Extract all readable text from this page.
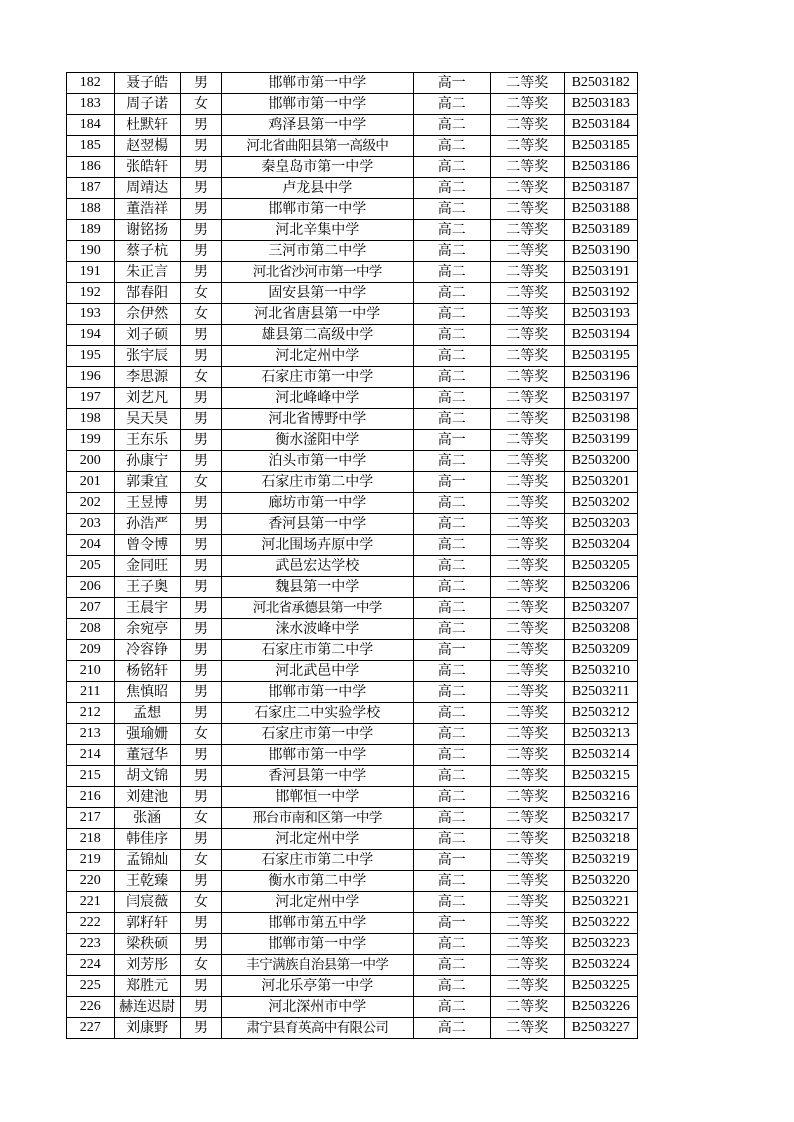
182	聂子皓	男	邯郸市第一中学	高一	二等奖	B2503182
183	周子诺	女	邯郸市第一中学	高二	二等奖	B2503183
184	杜默轩	男	鸡泽县第一中学	高二	二等奖	B2503184
185	赵翌楊	男	河北省曲阳县第一高级中	高二	二等奖	B2503185
186	张皓轩	男	秦皇岛市第一中学	高二	二等奖	B2503186
187	周靖达	男	卢龙县中学	高二	二等奖	B2503187
188	董浩祥	男	邯郸市第一中学	高二	二等奖	B2503188
189	谢铭扬	男	河北辛集中学	高二	二等奖	B2503189
190	蔡子杭	男	三河市第二中学	高二	二等奖	B2503190
191	朱正言	男	河北省沙河市第一中学	高二	二等奖	B2503191
192	郜春阳	女	固安县第一中学	高二	二等奖	B2503192
193	佘伊然	女	河北省唐县第一中学	高二	二等奖	B2503193
194	刘子硕	男	雄县第二高级中学	高二	二等奖	B2503194
195	张宇辰	男	河北定州中学	高二	二等奖	B2503195
196	李思源	女	石家庄市第一中学	高二	二等奖	B2503196
197	刘艺凡	男	河北峰峰中学	高二	二等奖	B2503197
198	吴天昊	男	河北省博野中学	高二	二等奖	B2503198
199	王东乐	男	衡水滏阳中学	高一	二等奖	B2503199
200	孙康宁	男	泊头市第一中学	高二	二等奖	B2503200
201	郭秉宜	女	石家庄市第二中学	高一	二等奖	B2503201
202	王昱博	男	廊坊市第一中学	高二	二等奖	B2503202
203	孙浩严	男	香河县第一中学	高二	二等奖	B2503203
204	曾令博	男	河北围场卉原中学	高二	二等奖	B2503204
205	金同旺	男	武邑宏达学校	高二	二等奖	B2503205
206	王子奥	男	魏县第一中学	高二	二等奖	B2503206
207	王晨宇	男	河北省承德县第一中学	高二	二等奖	B2503207
208	余宛亭	男	涞水波峰中学	高二	二等奖	B2503208
209	冷容铮	男	石家庄市第二中学	高一	二等奖	B2503209
210	杨铭轩	男	河北武邑中学	高二	二等奖	B2503210
211	焦慎昭	男	邯郸市第一中学	高二	二等奖	B2503211
212	孟想	男	石家庄二中实验学校	高二	二等奖	B2503212
213	强瑜姗	女	石家庄市第一中学	高二	二等奖	B2503213
214	董冠华	男	邯郸市第一中学	高二	二等奖	B2503214
215	胡文锦	男	香河县第一中学	高二	二等奖	B2503215
216	刘建池	男	邯郸恒一中学	高二	二等奖	B2503216
217	张涵	女	邢台市南和区第一中学	高二	二等奖	B2503217
218	韩佳序	男	河北定州中学	高二	二等奖	B2503218
219	孟锦灿	女	石家庄市第二中学	高一	二等奖	B2503219
220	王乾臻	男	衡水市第二中学	高二	二等奖	B2503220
221	闫宸薇	女	河北定州中学	高二	二等奖	B2503221
222	郭籽轩	男	邯郸市第五中学	高一	二等奖	B2503222
223	梁秩硕	男	邯郸市第一中学	高二	二等奖	B2503223
224	刘芳彤	女	丰宁满族自治县第一中学	高二	二等奖	B2503224
225	郑胜元	男	河北乐亭第一中学	高二	二等奖	B2503225
226	赫连迟尉	男	河北深州市中学	高二	二等奖	B2503226
227	刘康野	男	肃宁县育英高中有限公司	高二	二等奖	B2503227
